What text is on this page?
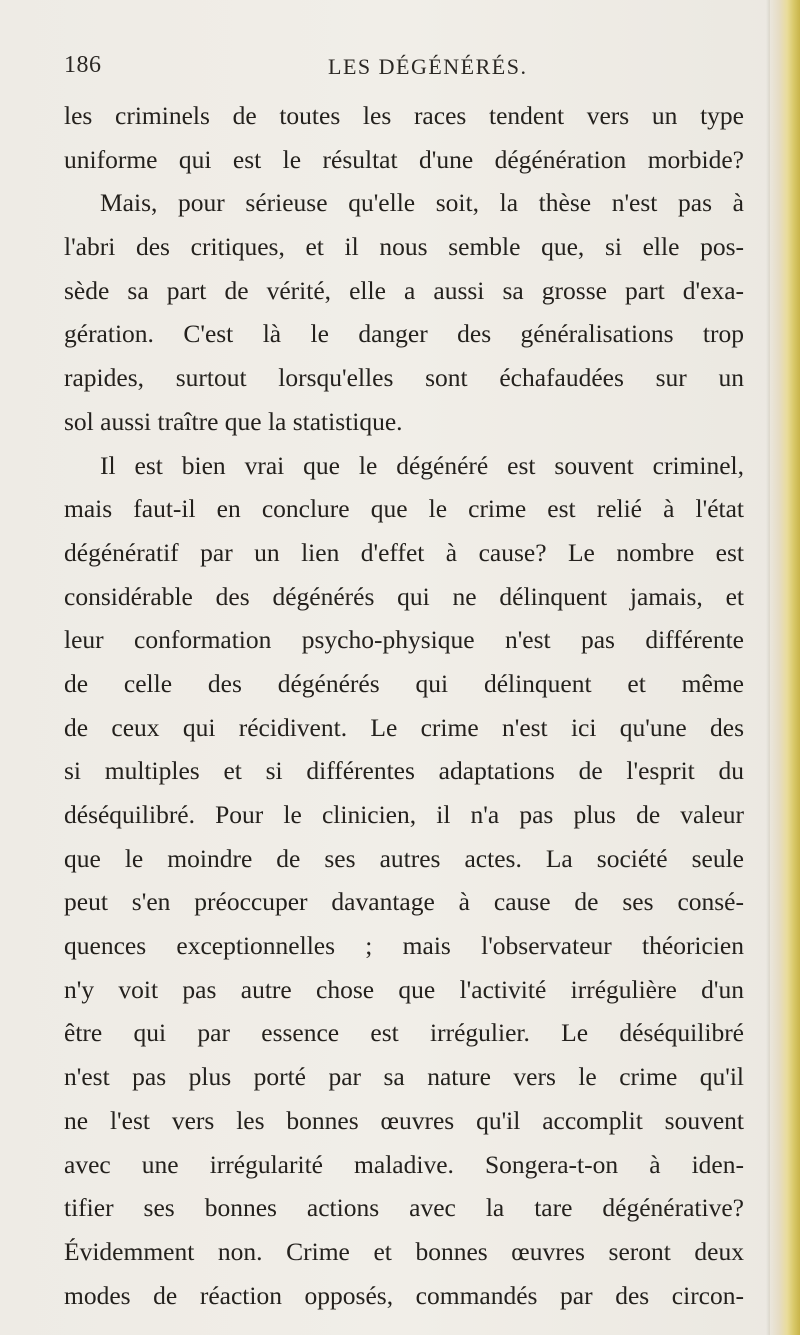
186	LES DÉGÉNÉRÉS.
les criminels de toutes les races tendent vers un type
uniforme qui est le résultat d'une dégénération morbide?
Mais, pour sérieuse qu'elle soit, la thèse n'est pas à
l'abri des critiques, et il nous semble que, si elle pos-
sède sa part de vérité, elle a aussi sa grosse part d'exa-
gération. C'est là le danger des généralisations trop
rapides, surtout lorsqu'elles sont échafaudées sur un
sol aussi traître que la statistique.
Il est bien vrai que le dégénéré est souvent criminel,
mais faut-il en conclure que le crime est relié à l'état
dégénératif par un lien d'effet à cause? Le nombre est
considérable des dégénérés qui ne délinquent jamais, et
leur conformation psycho-physique n'est pas différente
de celle des dégénérés qui délinquent et même
de ceux qui récidivent. Le crime n'est ici qu'une des
si multiples et si différentes adaptations de l'esprit du
déséquilibré. Pour le clinicien, il n'a pas plus de valeur
que le moindre de ses autres actes. La société seule
peut s'en préoccuper davantage à cause de ses consé-
quences exceptionnelles ; mais l'observateur théoricien
n'y voit pas autre chose que l'activité irrégulière d'un
être qui par essence est irrégulier. Le déséquilibré
n'est pas plus porté par sa nature vers le crime qu'il
ne l'est vers les bonnes œuvres qu'il accomplit souvent
avec une irrégularité maladive. Songera-t-on à iden-
tifier ses bonnes actions avec la tare dégénérative?
Évidemment non. Crime et bonnes œuvres seront deux
modes de réaction opposés, commandés par des circon-
